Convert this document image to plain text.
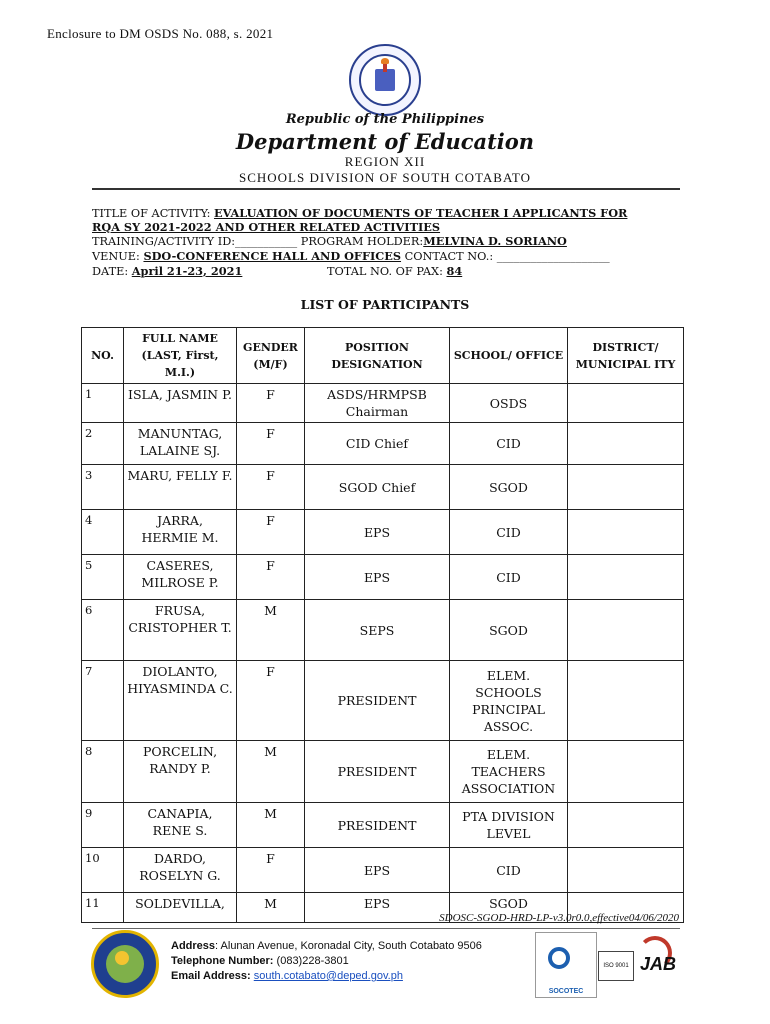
Enclosure to DM OSDS No. 088, s. 2021
Republic of the Philippines
Department of Education
REGION XII
SCHOOLS DIVISION OF SOUTH COTABATO
TITLE OF ACTIVITY: EVALUATION OF DOCUMENTS OF TEACHER I APPLICANTS FOR
RQA SY 2021-2022 AND OTHER RELATED ACTIVITIES
TRAINING/ACTIVITY ID:___________ PROGRAM HOLDER:MELVINA D. SORIANO
VENUE: SDO-CONFERENCE HALL AND OFFICES CONTACT NO.: ____________________
DATE: April 21-23, 2021	TOTAL NO. OF PAX: 84
LIST OF PARTICIPANTS
NO.	FULL NAME (LAST, First, M.I.)	GENDER (M/F)	POSITION DESIGNATION	SCHOOL/ OFFICE	DISTRICT/ MUNICIPAL ITY
1	ISLA, JASMIN P.	F	ASDS/HRMPSB Chairman	OSDS	
2	MANUNTAG, LALAINE SJ.	F	CID Chief	CID	
3	MARU, FELLY F.	F	SGOD Chief	SGOD	
4	JARRA, HERMIE M.	F	EPS	CID	
5	CASERES, MILROSE P.	F	EPS	CID	
6	FRUSA, CRISTOPHER T.	M	SEPS	SGOD	
7	DIOLANTO, HIYASMINDA C.	F	PRESIDENT	ELEM. SCHOOLS PRINCIPAL ASSOC.	
8	PORCELIN, RANDY P.	M	PRESIDENT	ELEM. TEACHERS ASSOCIATION	
9	CANAPIA, RENE S.	M	PRESIDENT	PTA DIVISION LEVEL	
10	DARDO, ROSELYN G.	F	EPS	CID	
11	SOLDEVILLA,	M	EPS	SGOD	
SDOSC-SGOD-HRD-LP-v3.0r0.0,effective04/06/2020
Address: Alunan Avenue, Koronadal City, South Cotabato 9506
Telephone Number: (083)228-3801
Email Address: south.cotabato@deped.gov.ph
SOCOTEC
ISO 9001 JAB
